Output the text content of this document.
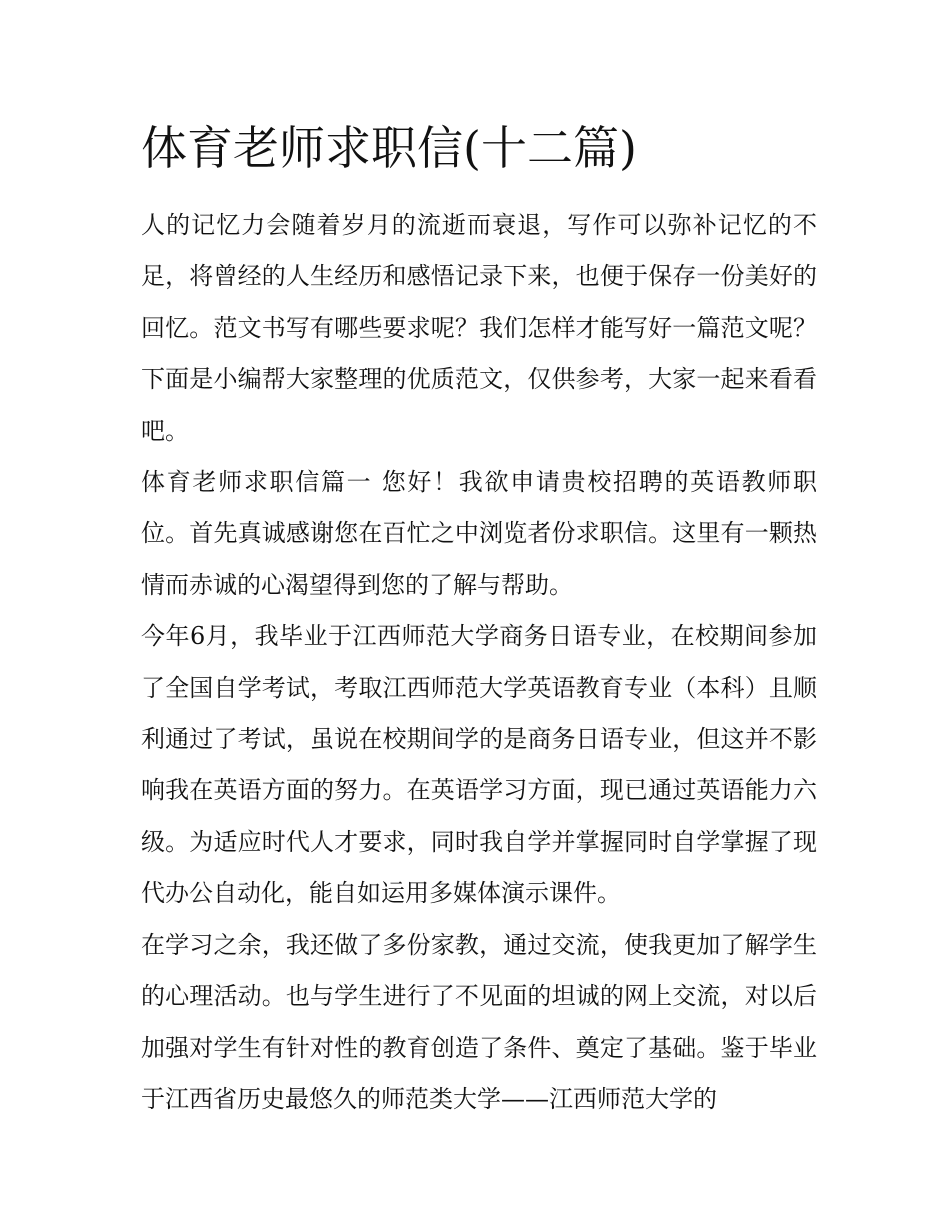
体育老师求职信(十二篇)

人的记忆力会随着岁月的流逝而衰退，写作可以弥补记忆的不足，将曾经的人生经历和感悟记录下来，也便于保存一份美好的回忆。范文书写有哪些要求呢？我们怎样才能写好一篇范文呢？下面是小编帮大家整理的优质范文，仅供参考，大家一起来看看吧。

体育老师求职信篇一 您好！我欲申请贵校招聘的英语教师职位。首先真诚感谢您在百忙之中浏览者份求职信。这里有一颗热情而赤诚的心渴望得到您的了解与帮助。

今年6月，我毕业于江西师范大学商务日语专业，在校期间参加了全国自学考试，考取江西师范大学英语教育专业（本科）且顺利通过了考试，虽说在校期间学的是商务日语专业，但这并不影响我在英语方面的努力。在英语学习方面，现已通过英语能力六级。为适应时代人才要求，同时我自学并掌握同时自学掌握了现代办公自动化，能自如运用多媒体演示课件。

在学习之余，我还做了多份家教，通过交流，使我更加了解学生的心理活动。也与学生进行了不见面的坦诚的网上交流，对以后加强对学生有针对性的教育创造了条件、奠定了基础。鉴于毕业于江西省历史最悠久的师范类大学——江西师范大学的
